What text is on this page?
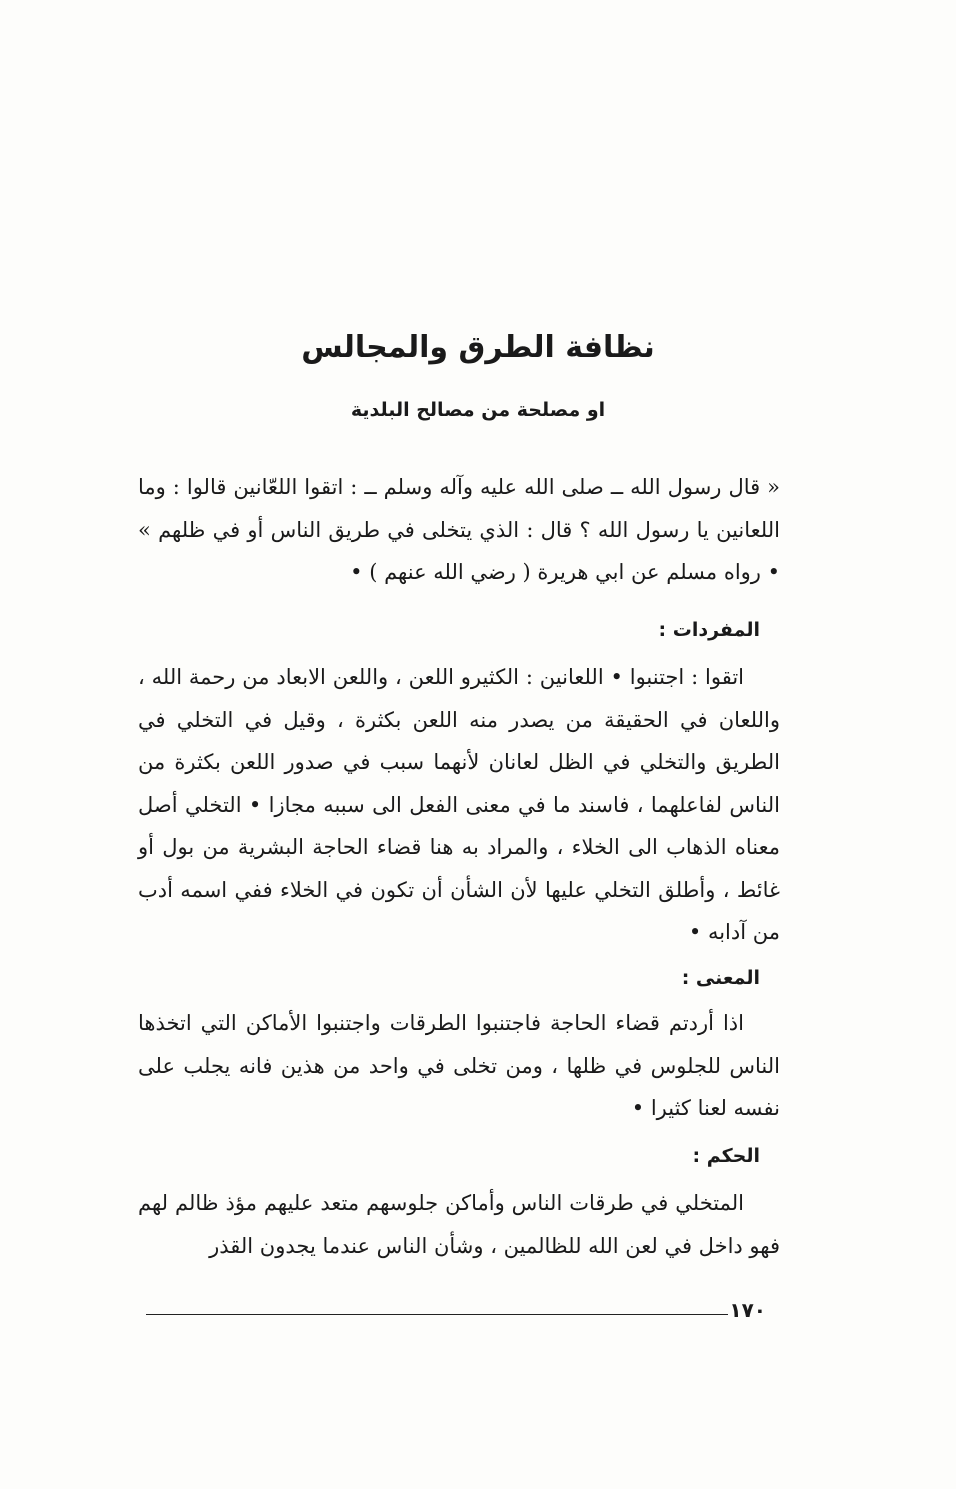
نظافة الطرق والمجالس
او مصلحة من مصالح البلدية

« قال رسول الله ــ صلى الله عليه وآله وسلم ــ : اتقوا اللعّانين قالوا : وما اللعانين يا رسول الله ؟ قال : الذي يتخلى في طريق الناس أو في ظلهم » • رواه مسلم عن ابي هريرة ( رضي الله عنهم ) •

المفردات :

اتقوا : اجتنبوا • اللعانين : الكثيرو اللعن ، واللعن الابعاد من رحمة الله ، واللعان في الحقيقة من يصدر منه اللعن بكثرة ، وقيل في التخلي في الطريق والتخلي في الظل لعانان لأنهما سبب في صدور اللعن بكثرة من الناس لفاعلهما ، فاسند ما في معنى الفعل الى سببه مجازا • التخلي أصل معناه الذهاب الى الخلاء ، والمراد به هنا قضاء الحاجة البشرية من بول أو غائط ، وأطلق التخلي عليها لأن الشأن أن تكون في الخلاء ففي اسمه أدب من آدابه •

المعنى :

اذا أردتم قضاء الحاجة فاجتنبوا الطرقات واجتنبوا الأماكن التي اتخذها الناس للجلوس في ظلها ، ومن تخلى في واحد من هذين فانه يجلب على نفسه لعنا كثيرا •

الحكم :

المتخلي في طرقات الناس وأماكن جلوسهم متعد عليهم مؤذ ظالم لهم فهو داخل في لعن الله للظالمين ، وشأن الناس عندما يجدون القذر

١٧٠
